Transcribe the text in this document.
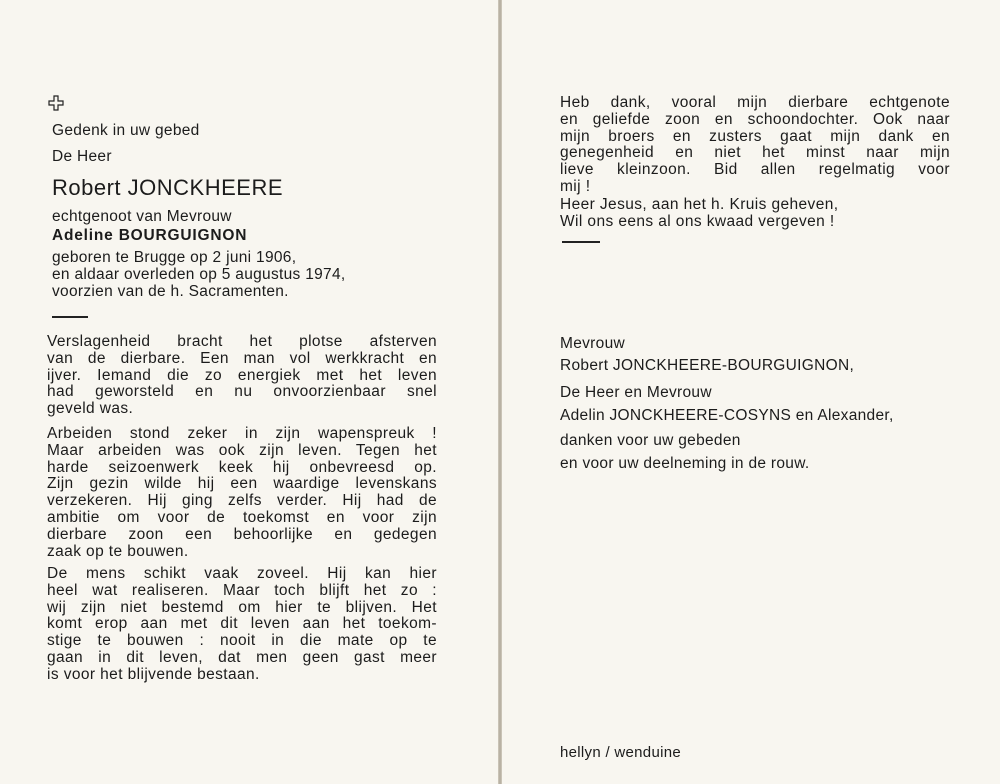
Gedenk in uw gebed
De Heer
Robert JONCKHEERE
echtgenoot van Mevrouw
Adeline BOURGUIGNON
geboren te Brugge op 2 juni 1906,
en aldaar overleden op 5 augustus 1974,
voorzien van de h. Sacramenten.
Verslagenheid bracht het plotse afsterven
van de dierbare. Een man vol werkkracht en
ijver. Iemand die zo energiek met het leven
had geworsteld en nu onvoorzienbaar snel
geveld was.
Arbeiden stond zeker in zijn wapenspreuk !
Maar arbeiden was ook zijn leven. Tegen het
harde seizoenwerk keek hij onbevreesd op.
Zijn gezin wilde hij een waardige levenskans
verzekeren. Hij ging zelfs verder. Hij had de
ambitie om voor de toekomst en voor zijn
dierbare zoon een behoorlijke en gedegen
zaak op te bouwen.
De mens schikt vaak zoveel. Hij kan hier
heel wat realiseren. Maar toch blijft het zo :
wij zijn niet bestemd om hier te blijven. Het
komt erop aan met dit leven aan het toekom-
stige te bouwen : nooit in die mate op te
gaan in dit leven, dat men geen gast meer
is voor het blijvende bestaan.
Heb dank, vooral mijn dierbare echtgenote
en geliefde zoon en schoondochter. Ook naar
mijn broers en zusters gaat mijn dank en
genegenheid en niet het minst naar mijn
lieve kleinzoon. Bid allen regelmatig voor
mij !
Heer Jesus, aan het h. Kruis geheven,
Wil ons eens al ons kwaad vergeven !
Mevrouw
Robert JONCKHEERE-BOURGUIGNON,
De Heer en Mevrouw
Adelin JONCKHEERE-COSYNS en Alexander,
danken voor uw gebeden
en voor uw deelneming in de rouw.
hellyn / wenduine
